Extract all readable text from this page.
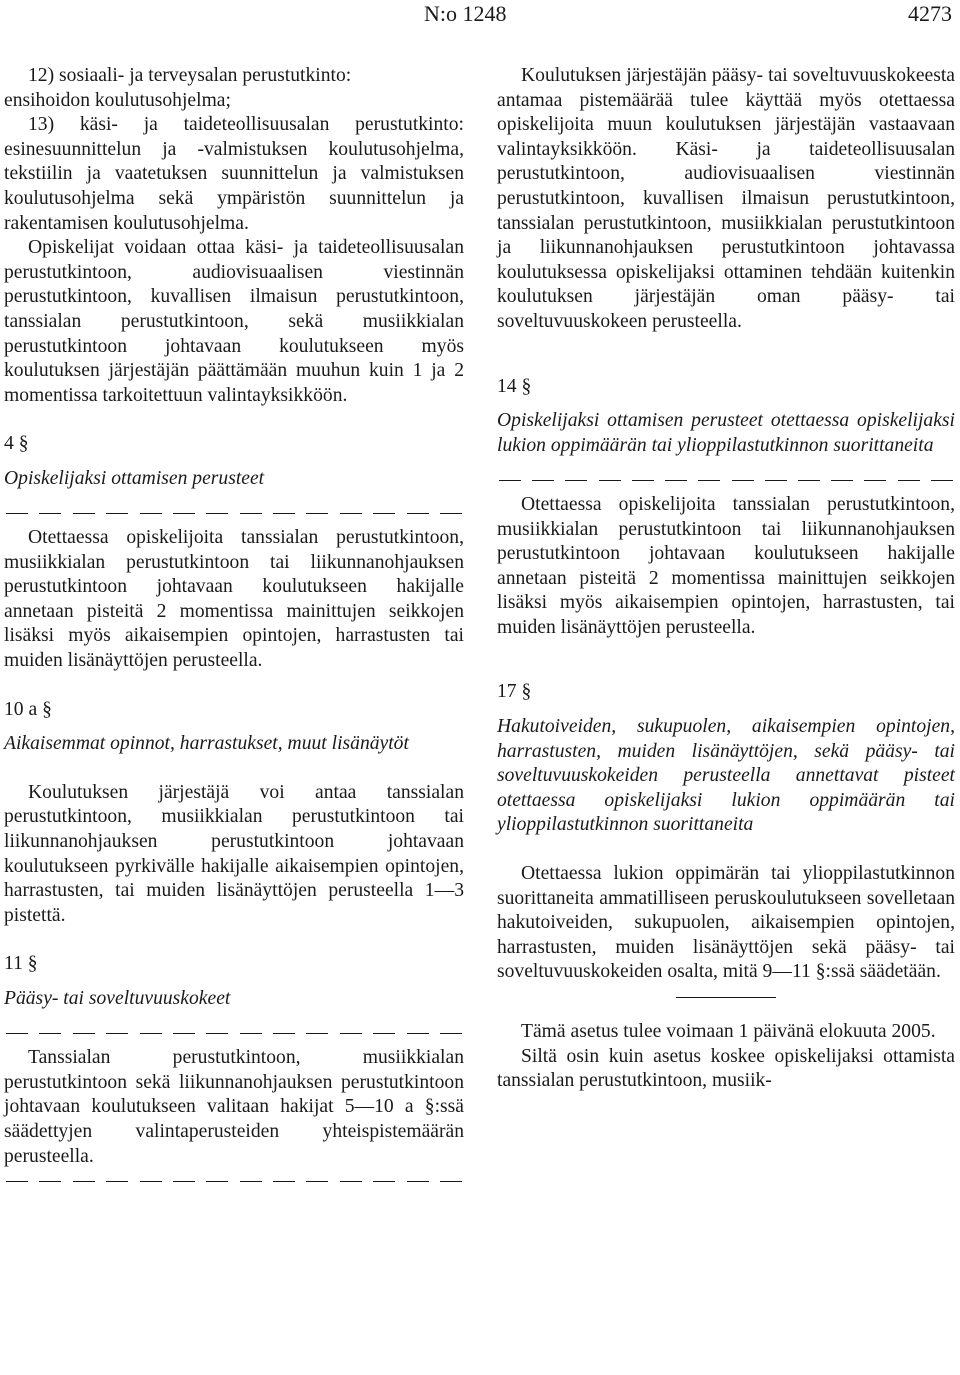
N:o 1248	4273

12) sosiaali- ja terveysalan perustutkinto:

ensihoidon koulutusohjelma;

13) käsi- ja taideteollisuusalan perustutkinto: esinesuunnittelun ja -valmistuksen koulutusohjelma, tekstiilin ja vaatetuksen suunnittelun ja valmistuksen koulutusohjelma sekä ympäristön suunnittelun ja rakentamisen koulutusohjelma.

Opiskelijat voidaan ottaa käsi- ja taideteollisuusalan perustutkintoon, audiovisuaalisen viestinnän perustutkintoon, kuvallisen ilmaisun perustutkintoon, tanssialan perustutkintoon, sekä musiikkialan perustutkintoon johtavaan koulutukseen myös koulutuksen järjestäjän päättämään muuhun kuin 1 ja 2 momentissa tarkoitettuun valintayksikköön.

4 §

Opiskelijaksi ottamisen perusteet

Otettaessa opiskelijoita tanssialan perustutkintoon, musiikkialan perustutkintoon tai liikunnanohjauksen perustutkintoon johtavaan koulutukseen hakijalle annetaan pisteitä 2 momentissa mainittujen seikkojen lisäksi myös aikaisempien opintojen, harrastusten tai muiden lisänäyttöjen perusteella.

10 a §

Aikaisemmat opinnot, harrastukset, muut lisänäytöt

Koulutuksen järjestäjä voi antaa tanssialan perustutkintoon, musiikkialan perustutkintoon tai liikunnanohjauksen perustutkintoon johtavaan koulutukseen pyrkivälle hakijalle aikaisempien opintojen, harrastusten, tai muiden lisänäyttöjen perusteella 1—3 pistettä.

11 §

Pääsy- tai soveltuvuuskokeet

Tanssialan perustutkintoon, musiikkialan perustutkintoon sekä liikunnanohjauksen perustutkintoon johtavaan koulutukseen valitaan hakijat 5—10 a §:ssä säädettyjen valintaperusteiden yhteispistemäärän perusteella.

Koulutuksen järjestäjän pääsy- tai soveltuvuuskokeesta antamaa pistemäärää tulee käyttää myös otettaessa opiskelijoita muun koulutuksen järjestäjän vastaavaan valintayksikköön. Käsi- ja taideteollisuusalan perustutkintoon, audiovisuaalisen viestinnän perustutkintoon, kuvallisen ilmaisun perustutkintoon, tanssialan perustutkintoon, musiikkialan perustutkintoon ja liikunnanohjauksen perustutkintoon johtavassa koulutuksessa opiskelijaksi ottaminen tehdään kuitenkin koulutuksen järjestäjän oman pääsy- tai soveltuvuuskokeen perusteella.

14 §

Opiskelijaksi ottamisen perusteet otettaessa opiskelijaksi lukion oppimäärän tai ylioppilastutkinnon suorittaneita

Otettaessa opiskelijoita tanssialan perustutkintoon, musiikkialan perustutkintoon tai liikunnanohjauksen perustutkintoon johtavaan koulutukseen hakijalle annetaan pisteitä 2 momentissa mainittujen seikkojen lisäksi myös aikaisempien opintojen, harrastusten, tai muiden lisänäyttöjen perusteella.

17 §

Hakutoiveiden, sukupuolen, aikaisempien opintojen, harrastusten, muiden lisänäyttöjen, sekä pääsy- tai soveltuvuuskokeiden perusteella annettavat pisteet otettaessa opiskelijaksi lukion oppimäärän tai ylioppilastutkinnon suorittaneita

Otettaessa lukion oppimärän tai ylioppilastutkinnon suorittaneita ammatilliseen peruskoulutukseen sovelletaan hakutoiveiden, sukupuolen, aikaisempien opintojen, harrastusten, muiden lisänäyttöjen sekä pääsy- tai soveltuvuuskokeiden osalta, mitä 9—11 §:ssä säädetään.

Tämä asetus tulee voimaan 1 päivänä elokuuta 2005.

Siltä osin kuin asetus koskee opiskelijaksi ottamista tanssialan perustutkintoon, musiik-
